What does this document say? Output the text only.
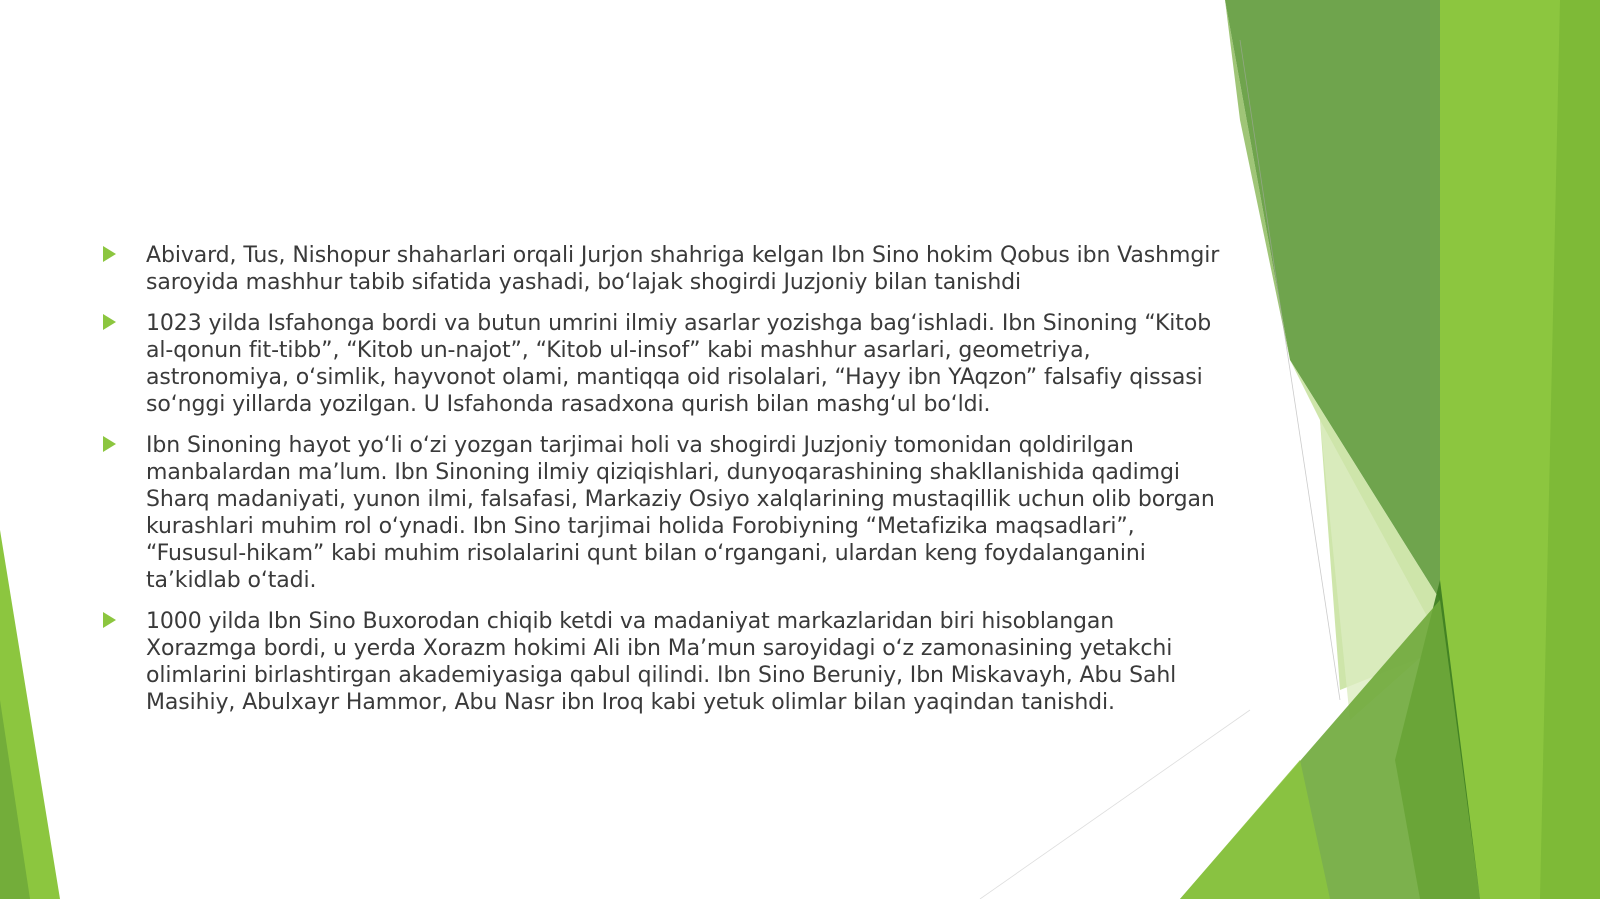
Abivard, Tus, Nishopur shaharlari orqali Jurjon shahriga kelgan Ibn Sino hokim Qobus ibn Vashmgir saroyida mashhur tabib sifatida yashadi, bo‘lajak shogirdi Juzjoniy bilan tanishdi
1023 yilda Isfahonga bordi va butun umrini ilmiy asarlar yozishga bag‘ishladi. Ibn Sinoning “Kitob al-qonun fit-tibb”, “Kitob un-najot”, “Kitob ul-insof” kabi mashhur asarlari, geometriya, astronomiya, o‘simlik, hayvonot olami, mantiqqa oid risolalari, “Hayy ibn YAqzon” falsafiy qissasi so‘nggi yillarda yozilgan. U Isfahonda rasadxona qurish bilan mashg‘ul bo‘ldi.
Ibn Sinoning hayot yo‘li o‘zi yozgan tarjimai holi va shogirdi Juzjoniy tomonidan qoldirilgan manbalardan ma’lum. Ibn Sinoning ilmiy qiziqishlari, dunyoqarashining shakllanishida qadimgi Sharq madaniyati, yunon ilmi, falsafasi, Markaziy Osiyo xalqlarining mustaqillik uchun olib borgan kurashlari muhim rol o‘ynadi. Ibn Sino tarjimai holida Forobiyning “Metafizika maqsadlari”, “Fususul-hikam” kabi muhim risolalarini qunt bilan o‘rganganі, ulardan keng foydalanganini ta’kidlab o‘tadi.
1000 yilda Ibn Sino Buxorodan chiqib ketdi va madaniyat markazlaridan biri hisoblangan Xorazmga bordi, u yerda Xorazm hokimi Ali ibn Ma’mun saroyidagi o‘z zamonasining yetakchi olimlarini birlashtirgan akademiyasiga qabul qilindi. Ibn Sino Beruniy, Ibn Miskavayh, Abu Sahl Masihiy, Abulxayr Hammor, Abu Nasr ibn Iroq kabi yetuk olimlar bilan yaqindan tanishdi.
